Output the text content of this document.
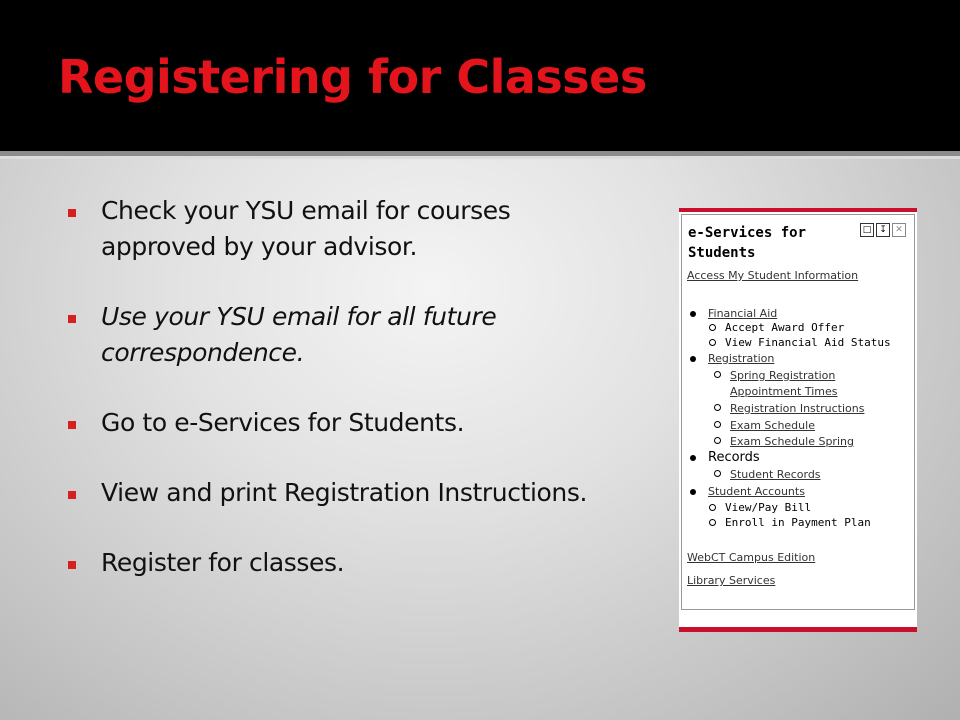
Registering for Classes
Check your YSU email for courses approved by your advisor.
Use your YSU email for all future correspondence.
Go to e-Services for Students.
View and print Registration Instructions.
Register for classes.
e-Services for Students
□ ↧ ✕
Access My Student Information
Financial Aid
Accept Award Offer
View Financial Aid Status
Registration
Spring Registration
Appointment Times
Registration Instructions
Exam Schedule
Exam Schedule Spring
Records
Student Records
Student Accounts
View/Pay Bill
Enroll in Payment Plan
WebCT Campus Edition
Library Services
